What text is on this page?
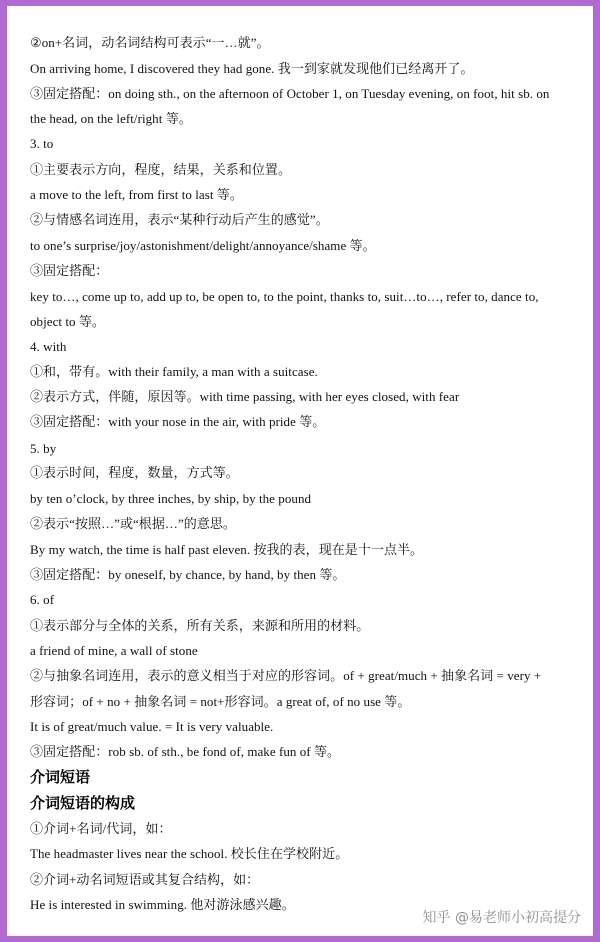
②on+名词，动名词结构可表示“一…就”。
On arriving home, I discovered they had gone. 我一到家就发现他们已经离开了。
③固定搭配：on doing sth., on the afternoon of October 1, on Tuesday evening, on foot, hit sb. on
the head, on the left/right 等。
3. to
①主要表示方向，程度，结果，关系和位置。
a move to the left, from first to last 等。
②与情感名词连用，表示“某种行动后产生的感觉”。
to one’s surprise/joy/astonishment/delight/annoyance/shame 等。
③固定搭配：
key to…, come up to, add up to, be open to, to the point, thanks to, suit…to…, refer to, dance to,
object to 等。
4. with
①和，带有。with their family, a man with a suitcase.
②表示方式，伴随，原因等。with time passing, with her eyes closed, with fear
③固定搭配：with your nose in the air, with pride 等。
5. by
①表示时间，程度，数量，方式等。
by ten o’clock, by three inches, by ship, by the pound
②表示“按照…”或“根据…”的意思。
By my watch, the time is half past eleven. 按我的表，现在是十一点半。
③固定搭配：by oneself, by chance, by hand, by then 等。
6. of
①表示部分与全体的关系，所有关系，来源和所用的材料。
a friend of mine, a wall of stone
②与抽象名词连用，表示的意义相当于对应的形容词。of + great/much + 抽象名词 = very +
形容词；of + no + 抽象名词 = not+形容词。a great of, of no use 等。
It is of great/much value. = It is very valuable.
③固定搭配：rob sb. of sth., be fond of, make fun of 等。
介词短语
介词短语的构成
①介词+名词/代词，如：
The headmaster lives near the school. 校长住在学校附近。
②介词+动名词短语或其复合结构，如：
He is interested in swimming. 他对游泳感兴趣。
知乎 @易老师小初高提分
